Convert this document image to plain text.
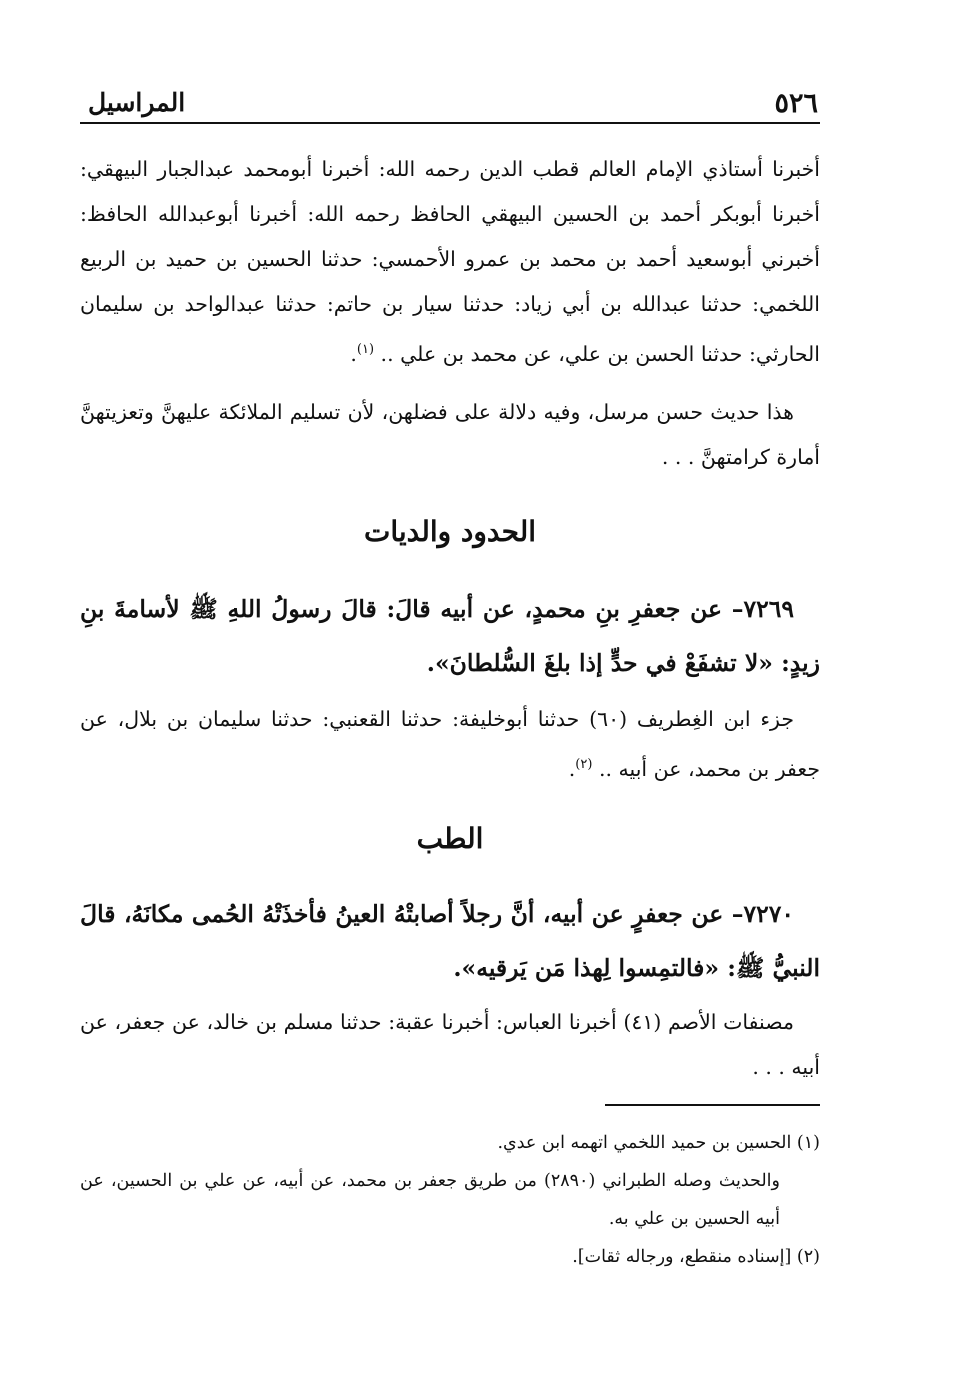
٥٢٦
المراسيل

أخبرنا أستاذي الإمام العالم قطب الدين رحمه الله: أخبرنا أبومحمد عبدالجبار البيهقي: أخبرنا أبوبكر أحمد بن الحسين البيهقي الحافظ رحمه الله: أخبرنا أبوعبدالله الحافظ: أخبرني أبوسعيد أحمد بن محمد بن عمرو الأحمسي: حدثنا الحسين بن حميد بن الربيع اللخمي: حدثنا عبدالله بن أبي زياد: حدثنا سيار بن حاتم: حدثنا عبدالواحد بن سليمان الحارثي: حدثنا الحسن بن علي، عن محمد بن علي .. $^{(١)}$.

هذا حديث حسن مرسل، وفيه دلالة على فضلهن، لأن تسليم الملائكة عليهنَّ وتعزيتهنَّ أمارة كرامتهنَّ . . .

الحدود والديات

٧٢٦٩– عن جعفرِ بنِ محمدٍ، عن أبيه قالَ: قالَ رسولُ اللهِ ﷺ لأسامةَ بنِ زيدٍ: «لا تشفَعْ في حدٍّ إذا بلغَ السُّلطانَ».

جزء ابن الغِطريف (٦٠) حدثنا أبوخليفة: حدثنا القعنبي: حدثنا سليمان بن بلال، عن جعفر بن محمد، عن أبيه .. $^{(٢)}$.

الطب

٧٢٧٠– عن جعفرٍ عن أبيه، أنَّ رجلاً أصابتْهُ العينُ فأخذَتْهُ الحُمى مكانَهُ، قالَ النبيُّ ﷺ: «فالتمِسوا لِهذا مَن يَرقيه».

مصنفات الأصم (٤١) أخبرنا العباس: أخبرنا عقبة: حدثنا مسلم بن خالد، عن جعفر، عن أبيه . . .

(١) الحسين بن حميد اللخمي اتهمه ابن عدي.

والحديث وصله الطبراني (٢٨٩٠) من طريق جعفر بن محمد، عن أبيه، عن علي بن الحسين، عن أبيه الحسين بن علي به.

(٢) [إسناده منقطع، ورجاله ثقات].
